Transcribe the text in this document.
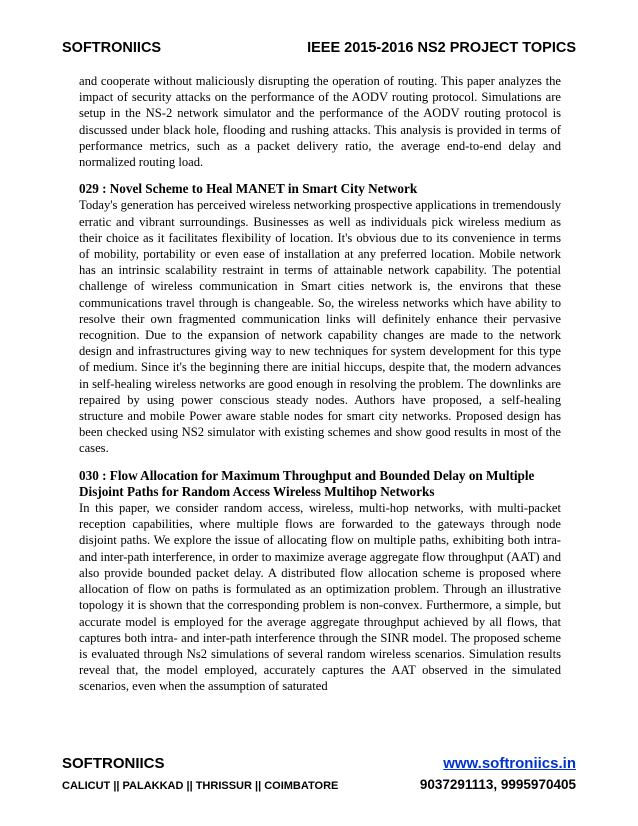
SOFTRONIICS	IEEE 2015-2016 NS2 PROJECT TOPICS

and cooperate without maliciously disrupting the operation of routing. This paper analyzes the impact of security attacks on the performance of the AODV routing protocol. Simulations are setup in the NS-2 network simulator and the performance of the AODV routing protocol is discussed under black hole, flooding and rushing attacks. This analysis is provided in terms of performance metrics, such as a packet delivery ratio, the average end-to-end delay and normalized routing load.

029 : Novel Scheme to Heal MANET in Smart City Network

Today's generation has perceived wireless networking prospective applications in tremendously erratic and vibrant surroundings. Businesses as well as individuals pick wireless medium as their choice as it facilitates flexibility of location. It's obvious due to its convenience in terms of mobility, portability or even ease of installation at any preferred location. Mobile network has an intrinsic scalability restraint in terms of attainable network capability. The potential challenge of wireless communication in Smart cities network is, the environs that these communications travel through is changeable. So, the wireless networks which have ability to resolve their own fragmented communication links will definitely enhance their pervasive recognition. Due to the expansion of network capability changes are made to the network design and infrastructures giving way to new techniques for system development for this type of medium. Since it's the beginning there are initial hiccups, despite that, the modern advances in self-healing wireless networks are good enough in resolving the problem. The downlinks are repaired by using power conscious steady nodes. Authors have proposed, a self-healing structure and mobile Power aware stable nodes for smart city networks. Proposed design has been checked using NS2 simulator with existing schemes and show good results in most of the cases.

030 : Flow Allocation for Maximum Throughput and Bounded Delay on Multiple Disjoint Paths for Random Access Wireless Multihop Networks

In this paper, we consider random access, wireless, multi-hop networks, with multi-packet reception capabilities, where multiple flows are forwarded to the gateways through node disjoint paths. We explore the issue of allocating flow on multiple paths, exhibiting both intra- and inter-path interference, in order to maximize average aggregate flow throughput (AAT) and also provide bounded packet delay. A distributed flow allocation scheme is proposed where allocation of flow on paths is formulated as an optimization problem. Through an illustrative topology it is shown that the corresponding problem is non-convex. Furthermore, a simple, but accurate model is employed for the average aggregate throughput achieved by all flows, that captures both intra- and inter-path interference through the SINR model. The proposed scheme is evaluated through Ns2 simulations of several random wireless scenarios. Simulation results reveal that, the model employed, accurately captures the AAT observed in the simulated scenarios, even when the assumption of saturated

SOFTRONIICS	www.softroniics.in
CALICUT || PALAKKAD || THRISSUR || COIMBATORE	9037291113, 9995970405
